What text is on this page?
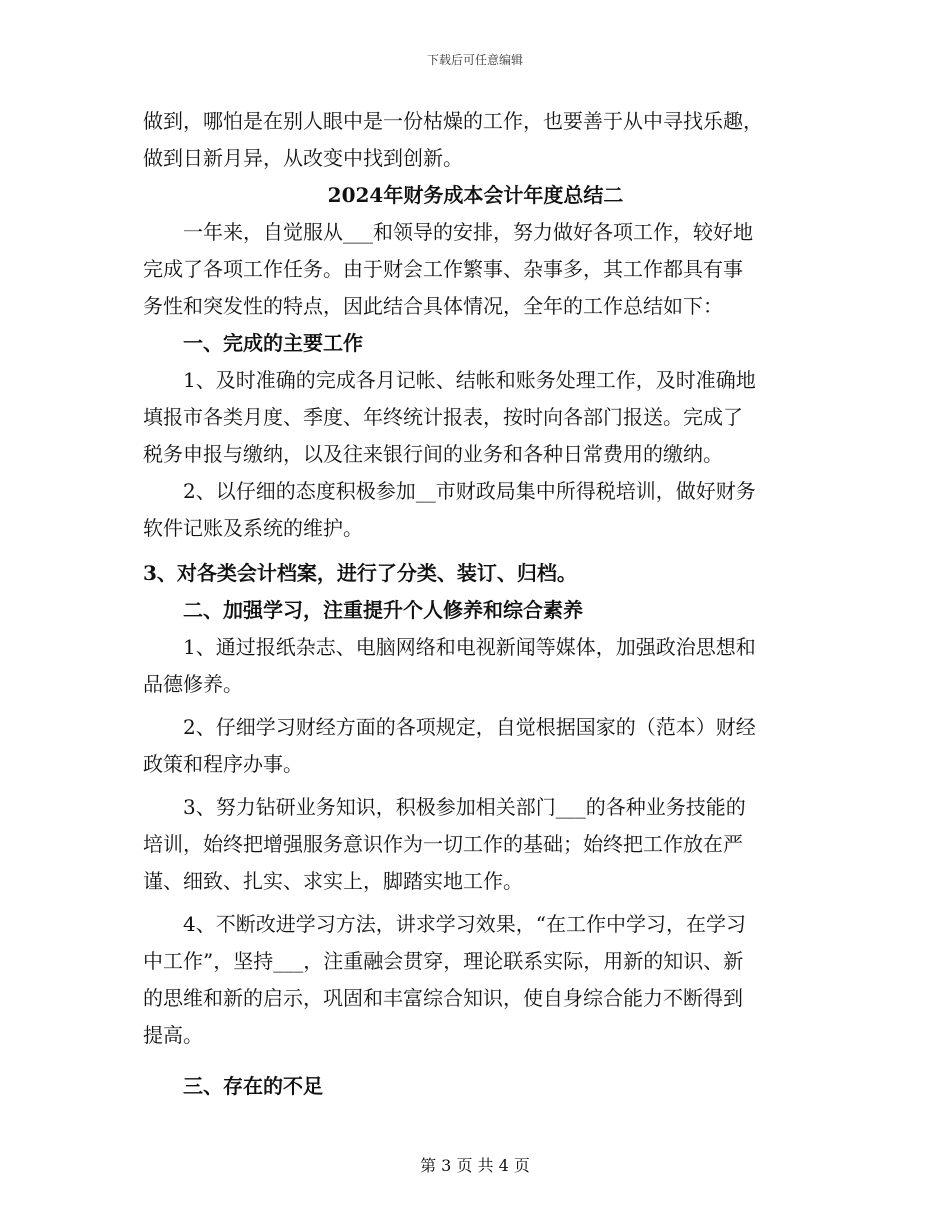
下载后可任意编辑

做到，哪怕是在别人眼中是一份枯燥的工作，也要善于从中寻找乐趣，

做到日新月异，从改变中找到创新。

2024年财务成本会计年度总结二

一年来，自觉服从___和领导的安排，努力做好各项工作，较好地

完成了各项工作任务。由于财会工作繁事、杂事多，其工作都具有事

务性和突发性的特点，因此结合具体情况，全年的工作总结如下：

一、完成的主要工作

1、及时准确的完成各月记帐、结帐和账务处理工作，及时准确地

填报市各类月度、季度、年终统计报表，按时向各部门报送。完成了

税务申报与缴纳，以及往来银行间的业务和各种日常费用的缴纳。

2、以仔细的态度积极参加__市财政局集中所得税培训，做好财务

软件记账及系统的维护。

3、对各类会计档案，进行了分类、装订、归档。

二、加强学习，注重提升个人修养和综合素养

1、通过报纸杂志、电脑网络和电视新闻等媒体，加强政治思想和

品德修养。

2、仔细学习财经方面的各项规定，自觉根据国家的（范本）财经

政策和程序办事。

3、努力钻研业务知识，积极参加相关部门___的各种业务技能的

培训，始终把增强服务意识作为一切工作的基础；始终把工作放在严

谨、细致、扎实、求实上，脚踏实地工作。

4、不断改进学习方法，讲求学习效果，“在工作中学习，在学习

中工作”，坚持___，注重融会贯穿，理论联系实际，用新的知识、新

的思维和新的启示，巩固和丰富综合知识，使自身综合能力不断得到

提高。

三、存在的不足

第 3 页 共 4 页
